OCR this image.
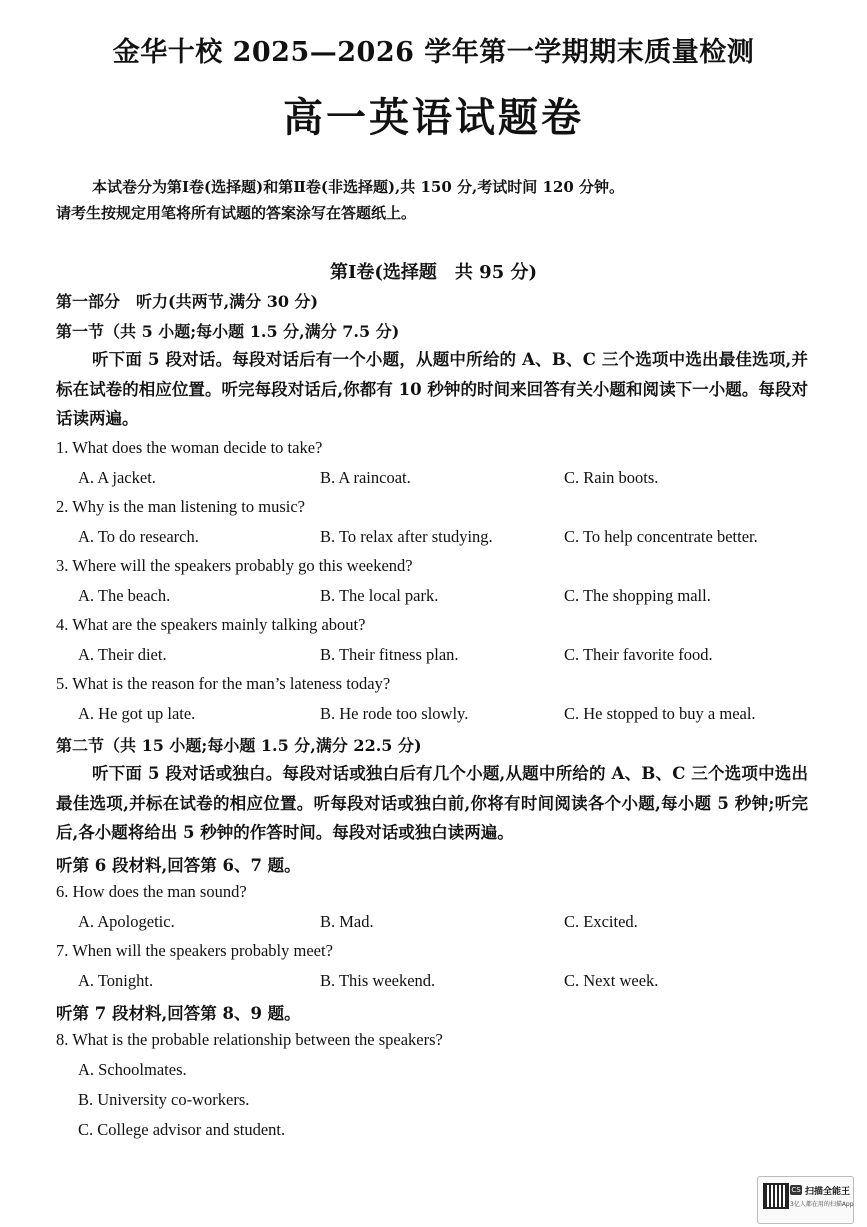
金华十校 2025—2026 学年第一学期期末质量检测
高一英语试题卷
本试卷分为第Ⅰ卷(选择题)和第Ⅱ卷(非选择题),共 150 分,考试时间 120 分钟。
请考生按规定用笔将所有试题的答案涂写在答题纸上。
第Ⅰ卷(选择题　共 95 分)
第一部分　听力(共两节,满分 30 分)
第一节（共 5 小题;每小题 1.5 分,满分 7.5 分)
听下面 5 段对话。每段对话后有一个小题，从题中所给的 A、B、C 三个选项中选出最佳选项,并标在试卷的相应位置。听完每段对话后,你都有 10 秒钟的时间来回答有关小题和阅读下一小题。每段对话读两遍。
1. What does the woman decide to take?
A. A jacket.	B. A raincoat.	C. Rain boots.
2. Why is the man listening to music?
A. To do research.	B. To relax after studying.	C. To help concentrate better.
3. Where will the speakers probably go this weekend?
A. The beach.	B. The local park.	C. The shopping mall.
4. What are the speakers mainly talking about?
A. Their diet.	B. Their fitness plan.	C. Their favorite food.
5. What is the reason for the man’s lateness today?
A. He got up late.	B. He rode too slowly.	C. He stopped to buy a meal.
第二节（共 15 小题;每小题 1.5 分,满分 22.5 分)
听下面 5 段对话或独白。每段对话或独白后有几个小题,从题中所给的 A、B、C 三个选项中选出最佳选项,并标在试卷的相应位置。听每段对话或独白前,你将有时间阅读各个小题,每小题 5 秒钟;听完后,各小题将给出 5 秒钟的作答时间。每段对话或独白读两遍。
听第 6 段材料,回答第 6、7 题。
6. How does the man sound?
A. Apologetic.	B. Mad.	C. Excited.
7. When will the speakers probably meet?
A. Tonight.	B. This weekend.	C. Next week.
听第 7 段材料,回答第 8、9 题。
8. What is the probable relationship between the speakers?
A. Schoolmates.
B. University co-workers.
C. College advisor and student.
CS 扫描全能王
3亿人都在用的扫描App
